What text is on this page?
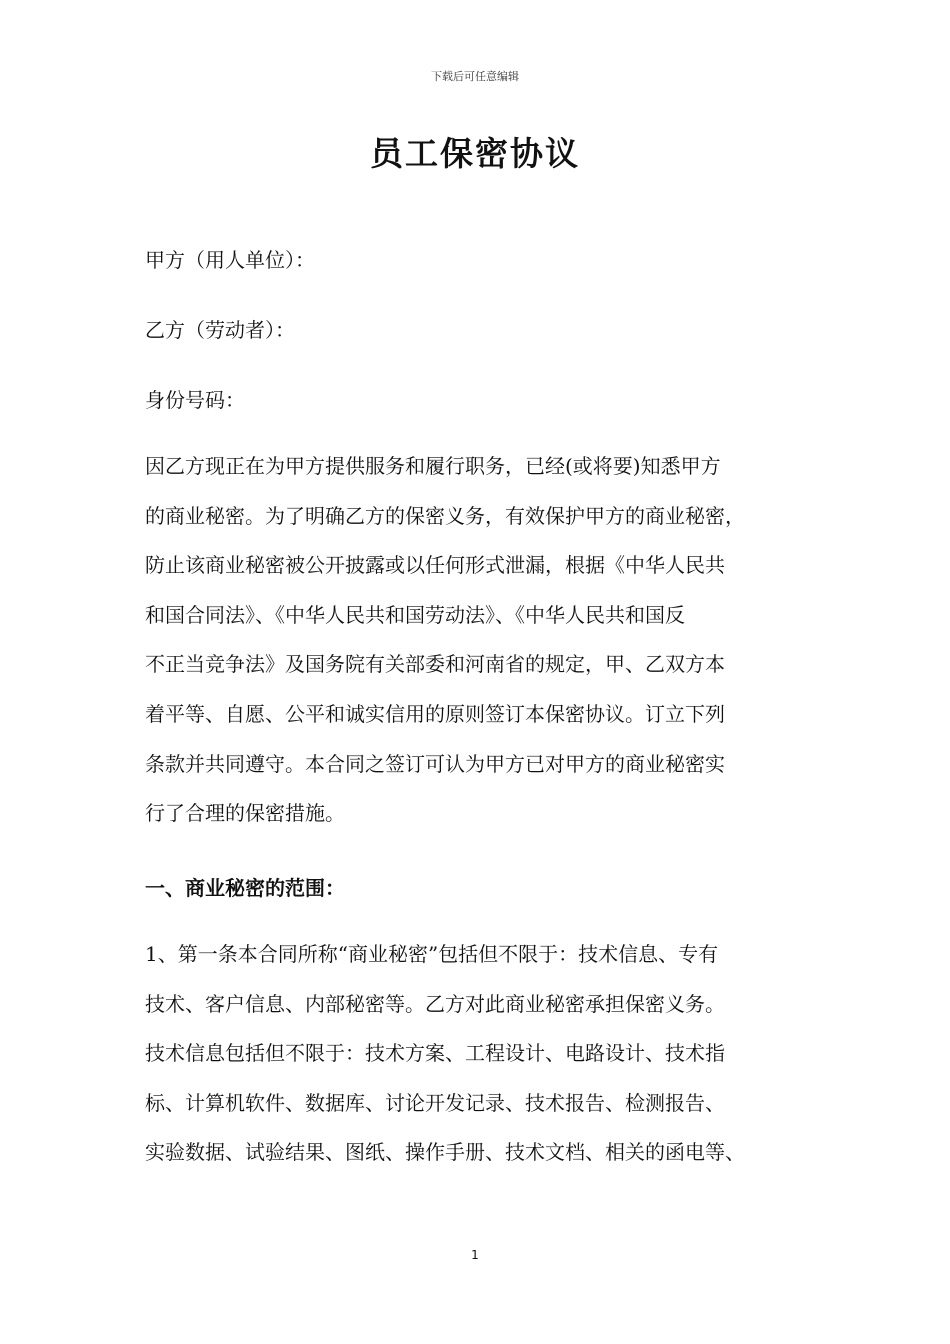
下载后可任意编辑
员工保密协议
甲方（用人单位）：
乙方（劳动者）：
身份号码：
因乙方现正在为甲方提供服务和履行职务，已经(或将要)知悉甲方
的商业秘密。为了明确乙方的保密义务，有效保护甲方的商业秘密，
防止该商业秘密被公开披露或以任何形式泄漏，根据《中华人民共
和国合同法》、《中华人民共和国劳动法》、《中华人民共和国反
不正当竞争法》及国务院有关部委和河南省的规定，甲、乙双方本
着平等、自愿、公平和诚实信用的原则签订本保密协议。订立下列
条款并共同遵守。本合同之签订可认为甲方已对甲方的商业秘密实
行了合理的保密措施。
一、商业秘密的范围：
1、第一条本合同所称“商业秘密”包括但不限于：技术信息、专有
技术、客户信息、内部秘密等。乙方对此商业秘密承担保密义务。
技术信息包括但不限于：技术方案、工程设计、电路设计、技术指
标、计算机软件、数据库、讨论开发记录、技术报告、检测报告、
实验数据、试验结果、图纸、操作手册、技术文档、相关的函电等、
1
